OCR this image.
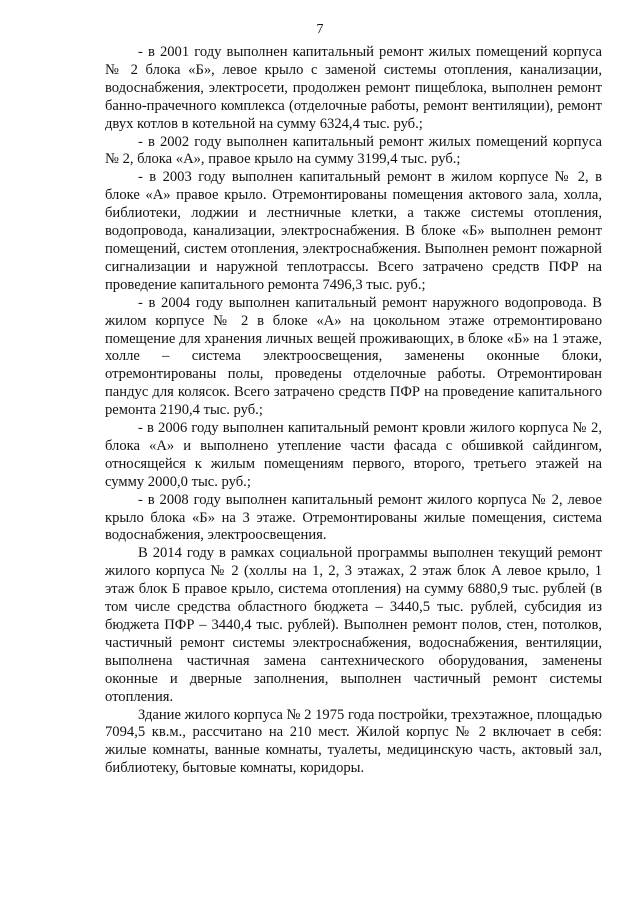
7

- в 2001 году выполнен капитальный ремонт жилых помещений корпуса № 2 блока «Б», левое крыло с заменой системы отопления, канализации, водоснабжения, электросети, продолжен ремонт пищеблока, выполнен ремонт банно-прачечного комплекса (отделочные работы, ремонт вентиляции), ремонт двух котлов в котельной на сумму 6324,4 тыс. руб.;

- в 2002 году выполнен капитальный ремонт жилых помещений корпуса № 2, блока «А», правое крыло на сумму 3199,4 тыс. руб.;

- в 2003 году выполнен капитальный ремонт в жилом корпусе № 2, в блоке «А» правое крыло. Отремонтированы помещения актового зала, холла, библиотеки, лоджии и лестничные клетки, а также системы отопления, водопровода, канализации, электроснабжения. В блоке «Б» выполнен ремонт помещений, систем отопления, электроснабжения. Выполнен ремонт пожарной сигнализации и наружной теплотрассы. Всего затрачено средств ПФР на проведение капитального ремонта 7496,3 тыс. руб.;

- в 2004 году выполнен капитальный ремонт наружного водопровода. В жилом корпусе № 2 в блоке «А» на цокольном этаже отремонтировано помещение для хранения личных вещей проживающих, в блоке «Б» на 1 этаже, холле – система электроосвещения, заменены оконные блоки, отремонтированы полы, проведены отделочные работы. Отремонтирован пандус для колясок. Всего затрачено средств ПФР на проведение капитального ремонта 2190,4 тыс. руб.;

- в 2006 году выполнен капитальный ремонт кровли жилого корпуса № 2, блока «А» и выполнено утепление части фасада с обшивкой сайдингом, относящейся к жилым помещениям первого, второго, третьего этажей на сумму 2000,0 тыс. руб.;

- в 2008 году выполнен капитальный ремонт жилого корпуса № 2, левое крыло блока «Б» на 3 этаже. Отремонтированы жилые помещения, система водоснабжения, электроосвещения.

В 2014 году в рамках социальной программы выполнен текущий ремонт жилого корпуса № 2 (холлы на 1, 2, 3 этажах, 2 этаж блок А левое крыло, 1 этаж блок Б правое крыло, система отопления) на сумму 6880,9 тыс. рублей (в том числе средства областного бюджета – 3440,5 тыс. рублей, субсидия из бюджета ПФР – 3440,4 тыс. рублей). Выполнен ремонт полов, стен, потолков, частичный ремонт системы электроснабжения, водоснабжения, вентиляции, выполнена частичная замена сантехнического оборудования, заменены оконные и дверные заполнения, выполнен частичный ремонт системы отопления.

Здание жилого корпуса № 2 1975 года постройки, трехэтажное, площадью 7094,5 кв.м., рассчитано на 210 мест. Жилой корпус № 2 включает в себя: жилые комнаты, ванные комнаты, туалеты, медицинскую часть, актовый зал, библиотеку, бытовые комнаты, коридоры.
